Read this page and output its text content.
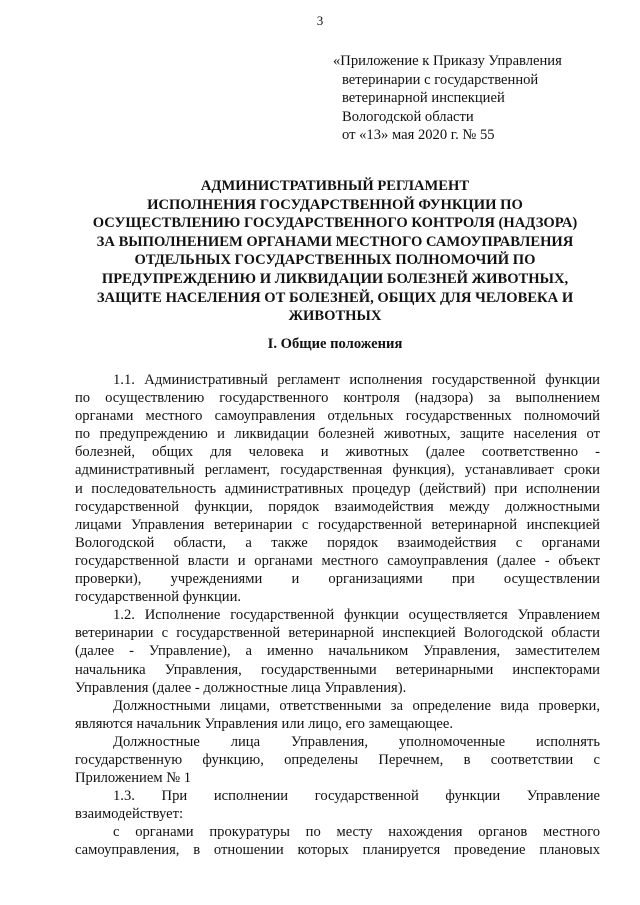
3
«Приложение к Приказу Управления
ветеринарии с государственной
ветеринарной инспекцией
Вологодской области
от «13» мая 2020 г. № 55
АДМИНИСТРАТИВНЫЙ РЕГЛАМЕНТ
ИСПОЛНЕНИЯ ГОСУДАРСТВЕННОЙ ФУНКЦИИ ПО
ОСУЩЕСТВЛЕНИЮ ГОСУДАРСТВЕННОГО КОНТРОЛЯ (НАДЗОРА)
ЗА ВЫПОЛНЕНИЕМ ОРГАНАМИ МЕСТНОГО САМОУПРАВЛЕНИЯ
ОТДЕЛЬНЫХ ГОСУДАРСТВЕННЫХ ПОЛНОМОЧИЙ ПО
ПРЕДУПРЕЖДЕНИЮ И ЛИКВИДАЦИИ БОЛЕЗНЕЙ ЖИВОТНЫХ,
ЗАЩИТЕ НАСЕЛЕНИЯ ОТ БОЛЕЗНЕЙ, ОБЩИХ ДЛЯ ЧЕЛОВЕКА И
ЖИВОТНЫХ
I. Общие положения
1.1. Административный регламент исполнения государственной функции
по осуществлению государственного контроля (надзора) за выполнением
органами местного самоуправления отдельных государственных полномочий
по предупреждению и ликвидации болезней животных, защите населения от
болезней, общих для человека и животных (далее соответственно -
административный регламент, государственная функция), устанавливает сроки
и последовательность административных процедур (действий) при исполнении
государственной функции, порядок взаимодействия между должностными
лицами Управления ветеринарии с государственной ветеринарной инспекцией
Вологодской области, а также порядок взаимодействия с органами
государственной власти и органами местного самоуправления (далее - объект
проверки), учреждениями и организациями при осуществлении
государственной функции.
1.2. Исполнение государственной функции осуществляется Управлением
ветеринарии с государственной ветеринарной инспекцией Вологодской области
(далее - Управление), а именно начальником Управления, заместителем
начальника Управления, государственными ветеринарными инспекторами
Управления (далее - должностные лица Управления).
Должностными лицами, ответственными за определение вида проверки,
являются начальник Управления или лицо, его замещающее.
Должностные лица Управления, уполномоченные исполнять
государственную функцию, определены Перечнем, в соответствии с
Приложением № 1
1.3. При исполнении государственной функции Управление
взаимодействует:
с органами прокуратуры по месту нахождения органов местного
самоуправления, в отношении которых планируется проведение плановых
